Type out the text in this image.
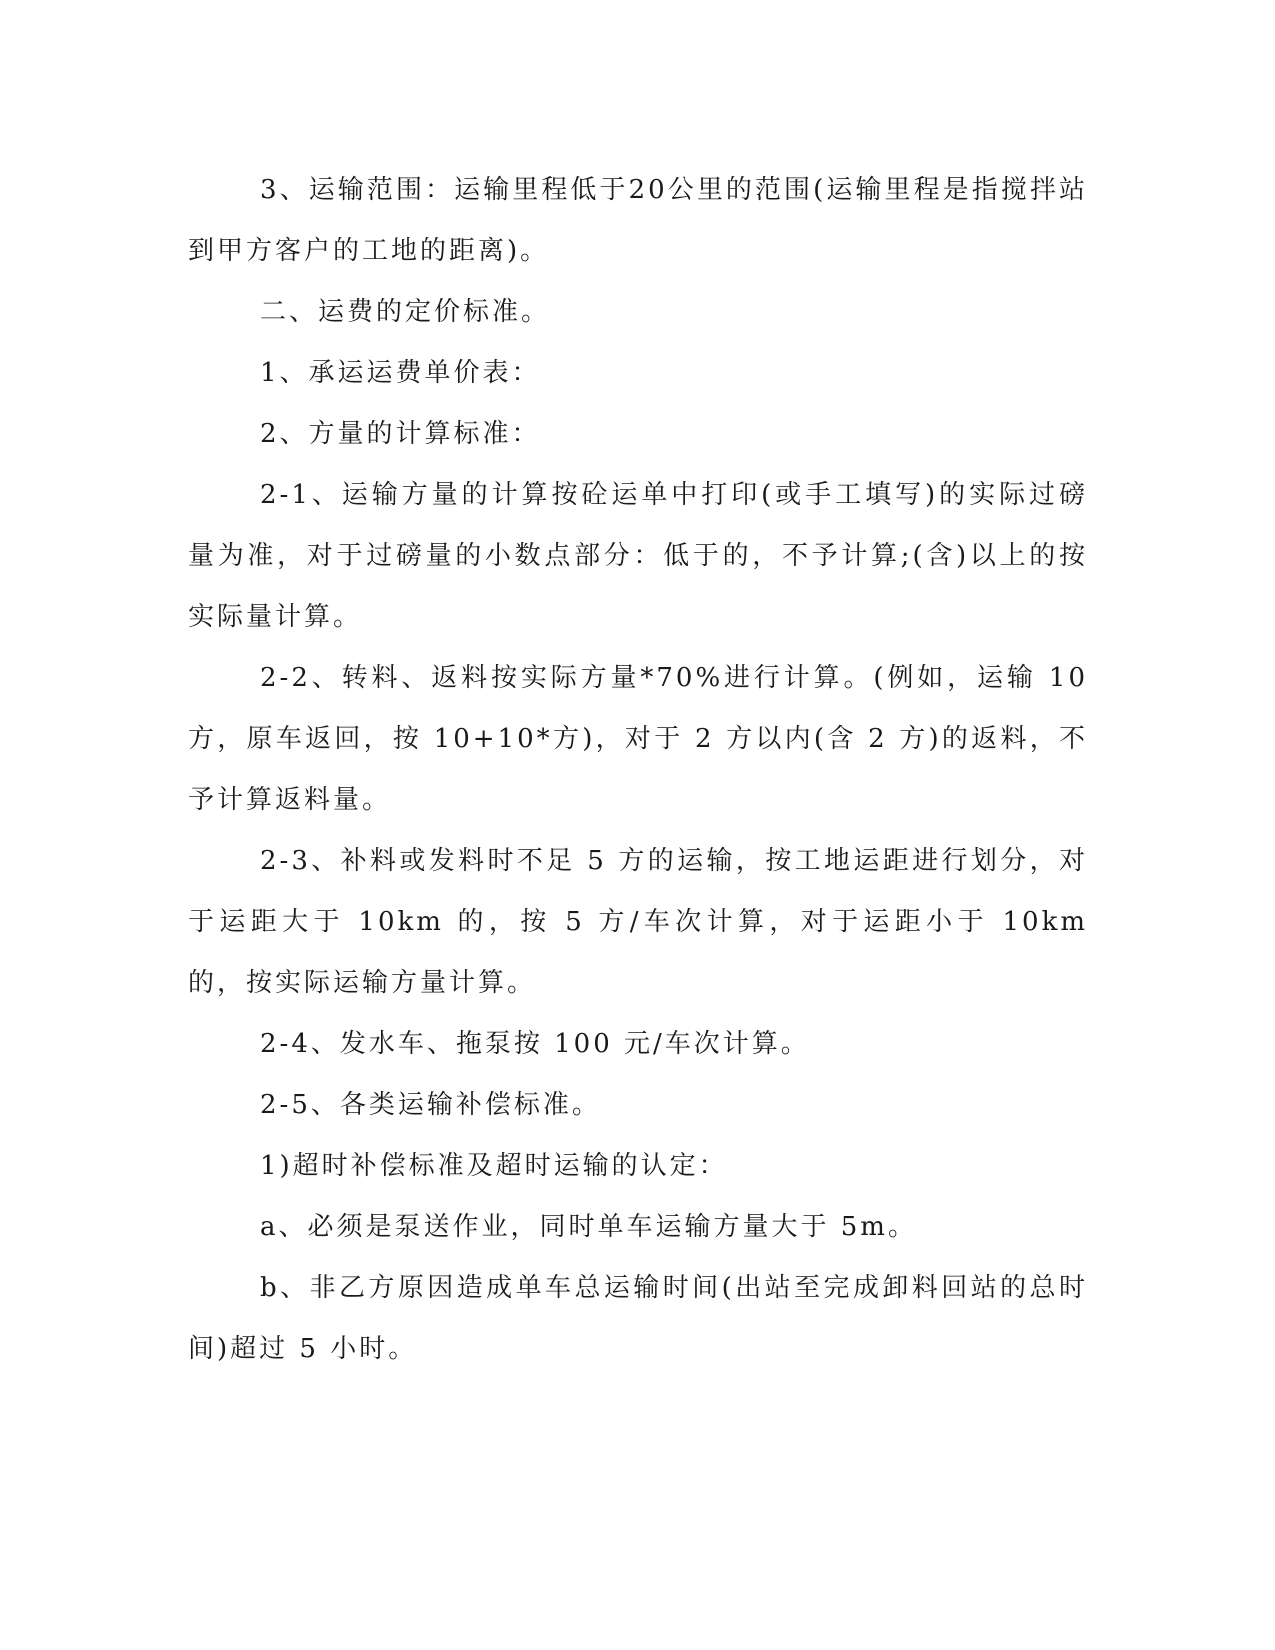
3、运输范围：运输里程低于20公里的范围(运输里程是指搅拌站到甲方客户的工地的距离)。

二、运费的定价标准。

1、承运运费单价表：

2、方量的计算标准：

2-1、运输方量的计算按砼运单中打印(或手工填写)的实际过磅量为准，对于过磅量的小数点部分：低于的，不予计算;(含)以上的按实际量计算。

2-2、转料、返料按实际方量*70%进行计算。(例如，运输 10 方，原车返回，按 10+10*方)，对于 2 方以内(含 2 方)的返料，不予计算返料量。

2-3、补料或发料时不足 5 方的运输，按工地运距进行划分，对于运距大于 10km 的，按 5 方/车次计算，对于运距小于 10km 的，按实际运输方量计算。

2-4、发水车、拖泵按 100 元/车次计算。

2-5、各类运输补偿标准。

1)超时补偿标准及超时运输的认定：

a、必须是泵送作业，同时单车运输方量大于 5m。

b、非乙方原因造成单车总运输时间(出站至完成卸料回站的总时间)超过 5 小时。
